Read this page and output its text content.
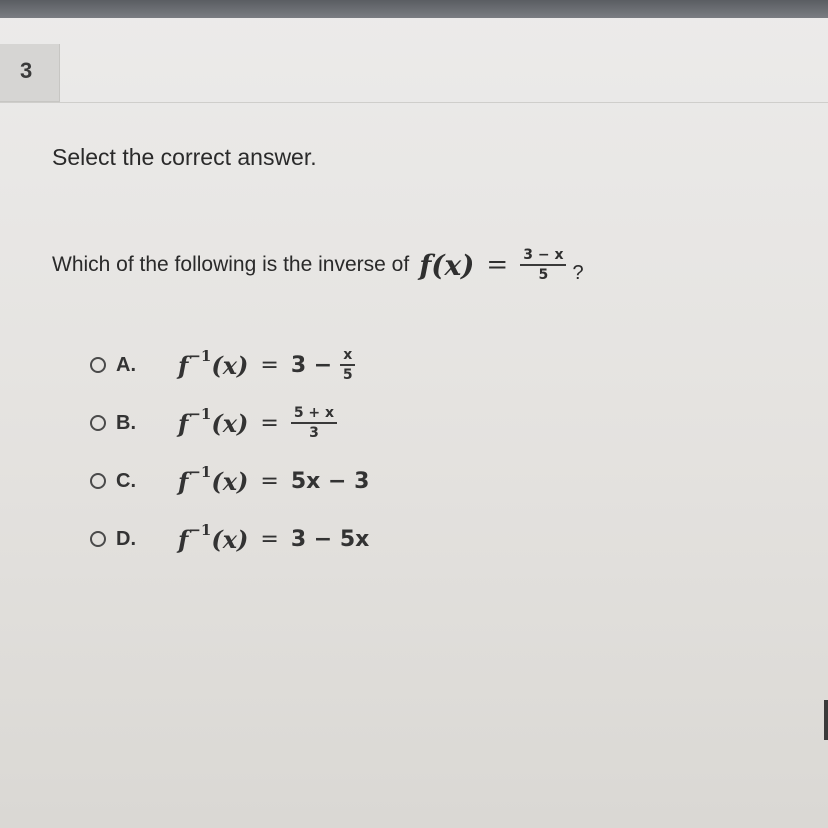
3
Select the correct answer.
Which of the following is the inverse of $f(x) = \frac{3 - x}{5}$ ?
A.	$f^{-1}(x) = 3 - \frac{x}{5}$
B.	$f^{-1}(x) = \frac{5 + x}{3}$
C.	$f^{-1}(x) = 5x - 3$
D.	$f^{-1}(x) = 3 - 5x$
